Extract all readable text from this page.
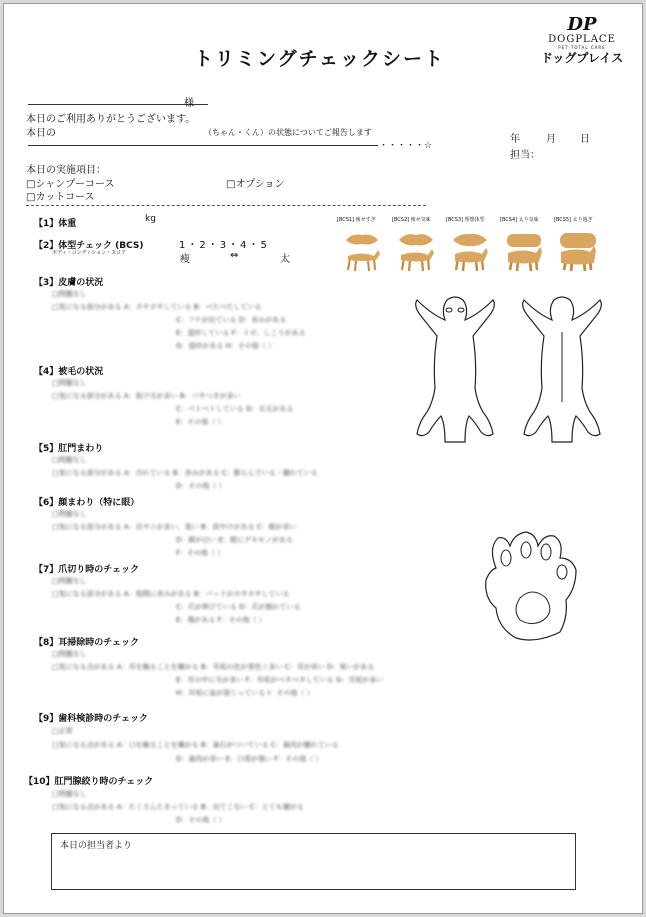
トリミングチェックシート
DP
DOGPLACE
PET TOTAL CARE
ドッグプレイス
様
本日のご利用ありがとうございます。
本日の	（ちゃん・くん）の状態についてご報告します
・・・・・☆
年	月 日
担当：
本日の実施項目：
□シャンプーコース	□オプション
□カットコース
【1】体重	kg
【2】体型チェック (BCS)
ボディ・コンディション・スコア
1・2・3・4・5
痩	⇔	太
[BCS1] 痩せすぎ	[BCS2] 痩せ気味	[BCS3] 理想体型	[BCS4] 太り気味	[BCS5] 太り過ぎ
【3】皮膚の状況
□問題なし
□気になる部分がある A：カサカサしている B：べたべたしている
C：フケが出ている D：赤みがある
E：湿疹している F：イボ、しこりがある
G：湿疹がある H：その他（ ）
【4】被毛の状況
□問題なし
□気になる部分がある A：抜け毛が多い B：パサつきが多い
C：ベトベトしている D：毛玉がある
E：その他（ ）
【5】肛門まわり
□問題なし
□気になる部分がある A：汚れている B：赤みがある C：膨らんでいる・腫れている
D：その他（ ）
【6】顔まわり（特に眼）
□問題なし
□気になる部分がある A：目ヤニが多い、臭い B：涙やけがある C：眼が赤い
D：眼が白い E：眼にデキモノがある
F：その他（ ）
【7】爪切り時のチェック
□問題なし
□気になる部分がある A：指間に赤みがある B：パッドがカサカサしている
C：爪が伸びている D：爪が割れている
E：傷がある F：その他（ ）
【8】耳掃除時のチェック
□問題なし
□気になる点がある A：耳を触ることを嫌がる B：耳垢の色が茶色く多い C：耳が赤い D：臭いがある
E：耳の中に毛が多い F：耳垢がベタベタしている G：耳垢が多い
H：耳垢に血が混じっている I：その他（ ）
【9】歯科検診時のチェック
□正常
□気になる点がある A：口を触ることを嫌がる B：歯石がついている C：歯肉が腫れている
D：歯肉が赤い E：口臭が強い F：その他（ ）
【10】肛門腺絞り時のチェック
□問題なし
□気になる点がある A：たくさんたまっている B：出てこない C：とても嫌がる
D：その他（ ）
本日の担当者より
